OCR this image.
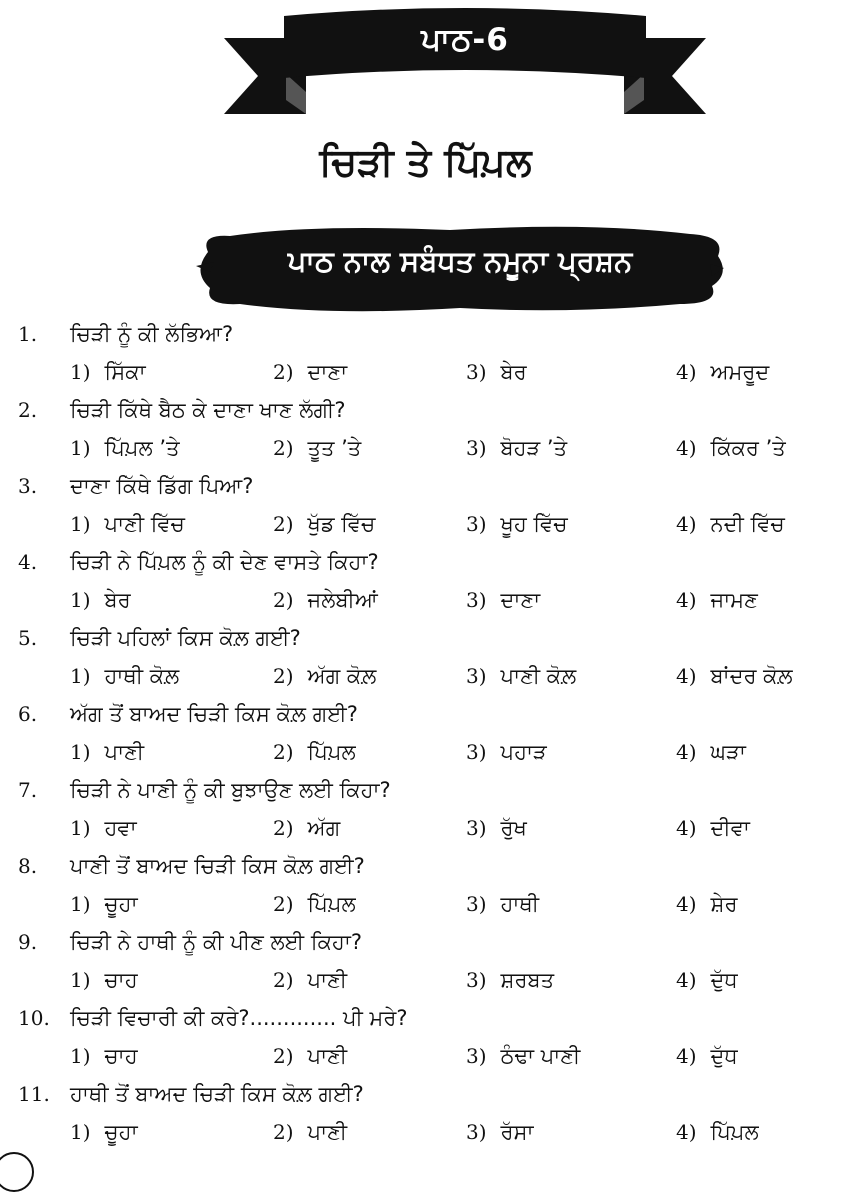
ਪਾਠ-6
ਚਿੜੀ ਤੇ ਪਿੱਪ਼ਲ
ਪਾਠ ਨਾਲ ਸਬੰਧਤ ਨਮੂਨਾ ਪ੍ਰਸ਼ਨ
1. ਚਿੜੀ ਨੂੰ ਕੀ ਲੱਭਿਆ?
1) ਸਿੱਕਾ	2) ਦਾਣਾ	3) ਬੇਰ	4) ਅਮਰੂਦ
2. ਚਿੜੀ ਕਿੱਥੇ ਬੈਠ ਕੇ ਦਾਣਾ ਖਾਣ ਲੱਗੀ?
1) ਪਿੱਪ਼ਲ ’ਤੇ	2) ਤੂਤ ’ਤੇ	3) ਬੋਹੜ ’ਤੇ	4) ਕਿੱਕਰ ’ਤੇ
3. ਦਾਣਾ ਕਿੱਥੇ ਡਿੱਗ ਪਿਆ?
1) ਪਾਣੀ ਵਿੱਚ	2) ਖੁੱਡ ਵਿੱਚ	3) ਖੂਹ ਵਿੱਚ	4) ਨਦੀ ਵਿੱਚ
4. ਚਿੜੀ ਨੇ ਪਿੱਪ਼ਲ ਨੂੰ ਕੀ ਦੇਣ ਵਾਸਤੇ ਕਿਹਾ?
1) ਬੇਰ	2) ਜਲੇਬੀਆਂ	3) ਦਾਣਾ	4) ਜਾਮਣ
5. ਚਿੜੀ ਪਹਿਲਾਂ ਕਿਸ ਕੋਲ਼ ਗਈ?
1) ਹਾਥੀ ਕੋਲ਼	2) ਅੱਗ ਕੋਲ਼	3) ਪਾਣੀ ਕੋਲ਼	4) ਬਾਂਦਰ ਕੋਲ਼
6. ਅੱਗ ਤੋਂ ਬਾਅਦ ਚਿੜੀ ਕਿਸ ਕੋਲ਼ ਗਈ?
1) ਪਾਣੀ	2) ਪਿੱਪ਼ਲ	3) ਪਹਾੜ	4) ਘੜਾ
7. ਚਿੜੀ ਨੇ ਪਾਣੀ ਨੂੰ ਕੀ ਬੁਝਾਉਣ ਲਈ ਕਿਹਾ?
1) ਹਵਾ	2) ਅੱਗ	3) ਰੁੱਖ	4) ਦੀਵਾ
8. ਪਾਣੀ ਤੋਂ ਬਾਅਦ ਚਿੜੀ ਕਿਸ ਕੋਲ਼ ਗਈ?
1) ਚੂਹਾ	2) ਪਿੱਪ਼ਲ	3) ਹਾਥੀ	4) ਸ਼ੇਰ
9. ਚਿੜੀ ਨੇ ਹਾਥੀ ਨੂੰ ਕੀ ਪੀਣ ਲਈ ਕਿਹਾ?
1) ਚਾਹ	2) ਪਾਣੀ	3) ਸ਼ਰਬਤ	4) ਦੁੱਧ
10. ਚਿੜੀ ਵਿਚਾਰੀ ਕੀ ਕਰੇ?............. ਪੀ ਮਰੇ?
1) ਚਾਹ	2) ਪਾਣੀ	3) ਠੰਢਾ ਪਾਣੀ	4) ਦੁੱਧ
11. ਹਾਥੀ ਤੋਂ ਬਾਅਦ ਚਿੜੀ ਕਿਸ ਕੋਲ਼ ਗਈ?
1) ਚੂਹਾ	2) ਪਾਣੀ	3) ਰੱਸਾ	4) ਪਿੱਪ਼ਲ
